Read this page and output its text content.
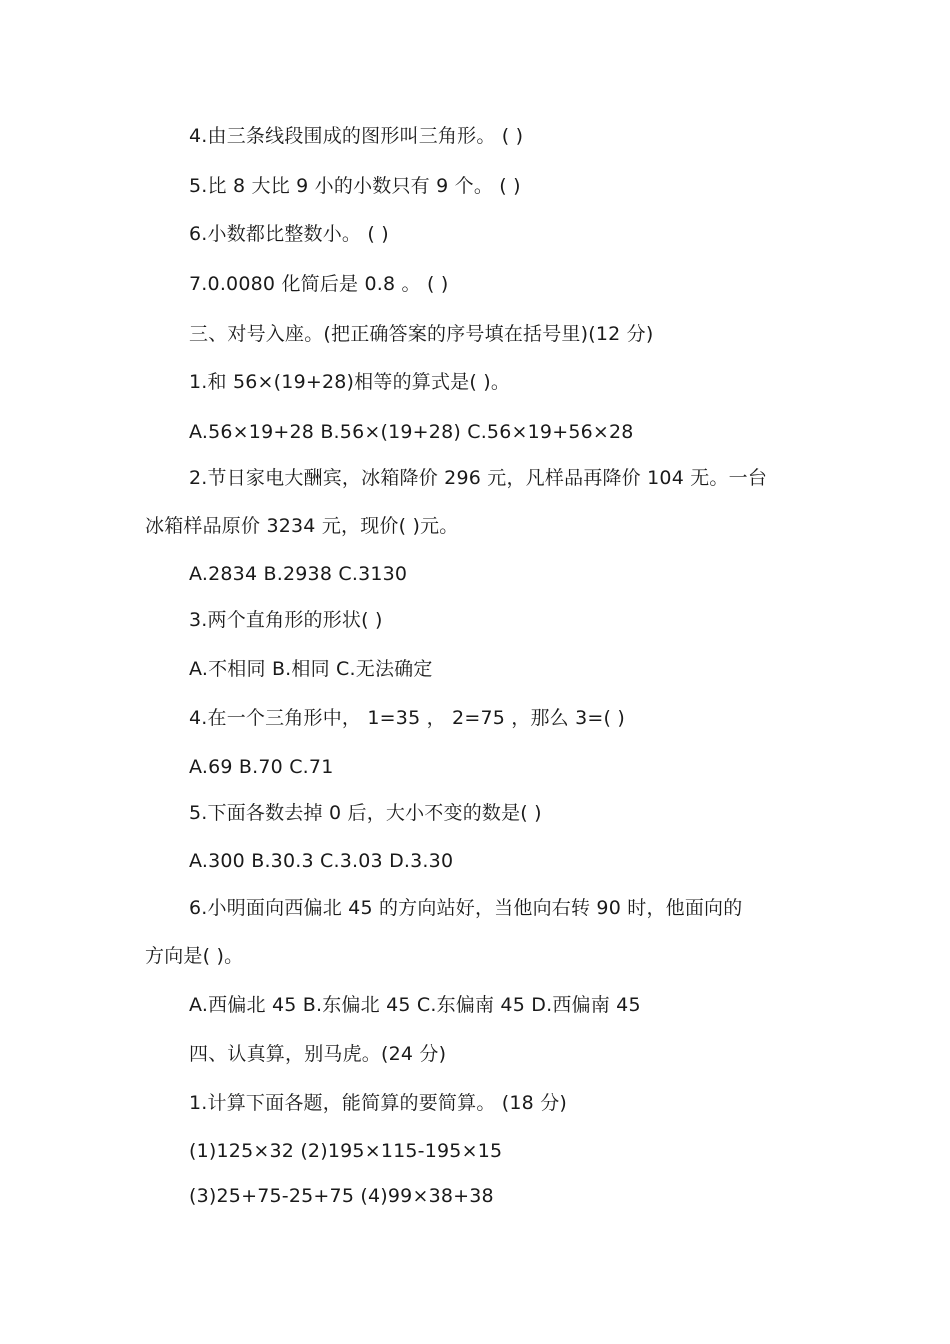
4.由三条线段围成的图形叫三角形。 ( )
5.比 8 大比 9 小的小数只有 9 个。 ( )
6.小数都比整数小。 ( )
7.0.0080 化简后是 0.8 。 ( )
三、对号入座。(把正确答案的序号填在括号里)(12 分)
1.和 56×(19+28)相等的算式是( )。
A.56×19+28 B.56×(19+28) C.56×19+56×28
2.节日家电大酬宾，冰箱降价 296 元，凡样品再降价 104 无。一台
冰箱样品原价 3234 元，现价( )元。
A.2834 B.2938 C.3130
3.两个直角形的形状( )
A.不相同 B.相同 C.无法确定
4.在一个三角形中， 1=35 ， 2=75 ，那么 3=( )
A.69 B.70 C.71
5.下面各数去掉 0 后，大小不变的数是( )
A.300 B.30.3 C.3.03 D.3.30
6.小明面向西偏北 45 的方向站好，当他向右转 90 时，他面向的
方向是( )。
A.西偏北 45 B.东偏北 45 C.东偏南 45 D.西偏南 45
四、认真算，别马虎。(24 分)
1.计算下面各题，能简算的要简算。 (18 分)
(1)125×32 (2)195×115-195×15
(3)25+75-25+75 (4)99×38+38
